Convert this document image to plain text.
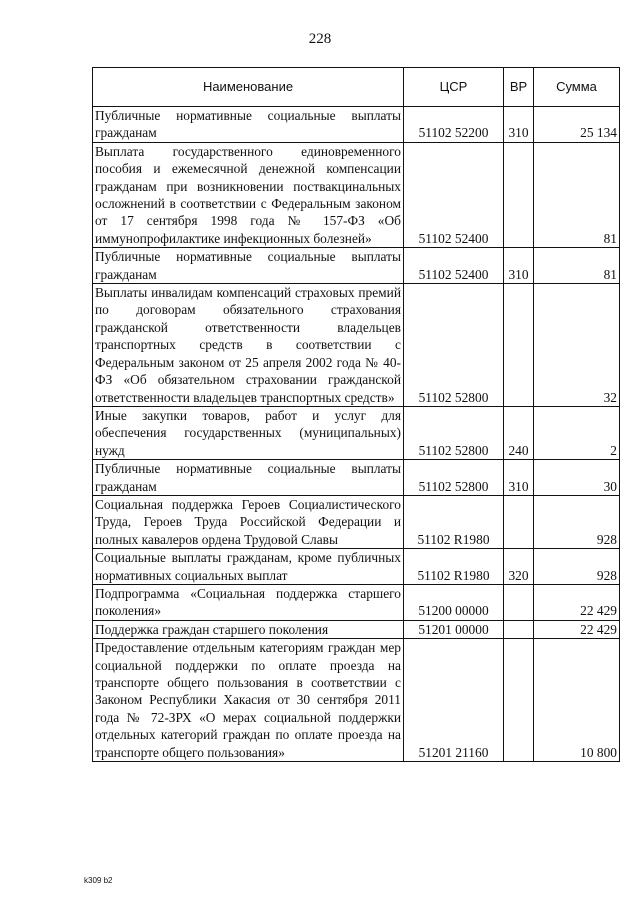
228
Наименование	ЦСР	ВР	Сумма
Публичные нормативные социальные выплаты гражданам	51102 52200	310	25 134
Выплата государственного единовременного пособия и ежемесячной денежной компенсации гражданам при возникновении поствакцинальных осложнений в соответствии с Федеральным законом от 17 сентября 1998 года № 157-ФЗ «Об иммунопрофилактике инфекционных болезней»	51102 52400		81
Публичные нормативные социальные выплаты гражданам	51102 52400	310	81
Выплаты инвалидам компенсаций страховых премий по договорам обязательного страхования гражданской ответственности владельцев транспортных средств в соответствии с Федеральным законом от 25 апреля 2002 года № 40-ФЗ «Об обязательном страховании гражданской ответственности владельцев транспортных средств»	51102 52800		32
Иные закупки товаров, работ и услуг для обеспечения государственных (муниципальных) нужд	51102 52800	240	2
Публичные нормативные социальные выплаты гражданам	51102 52800	310	30
Социальная поддержка Героев Социалистического Труда, Героев Труда Российской Федерации и полных кавалеров ордена Трудовой Славы	51102 R1980		928
Социальные выплаты гражданам, кроме публичных нормативных социальных выплат	51102 R1980	320	928
Подпрограмма «Социальная поддержка старшего поколения»	51200 00000		22 429
Поддержка граждан старшего поколения	51201 00000		22 429
Предоставление отдельным категориям граждан мер социальной поддержки по оплате проезда на транспорте общего пользования в соответствии с Законом Республики Хакасия от 30 сентября 2011 года № 72-ЗРХ «О мерах социальной поддержки отдельных категорий граждан по оплате проезда на транспорте общего пользования»	51201 21160		10 800
k309 b2
